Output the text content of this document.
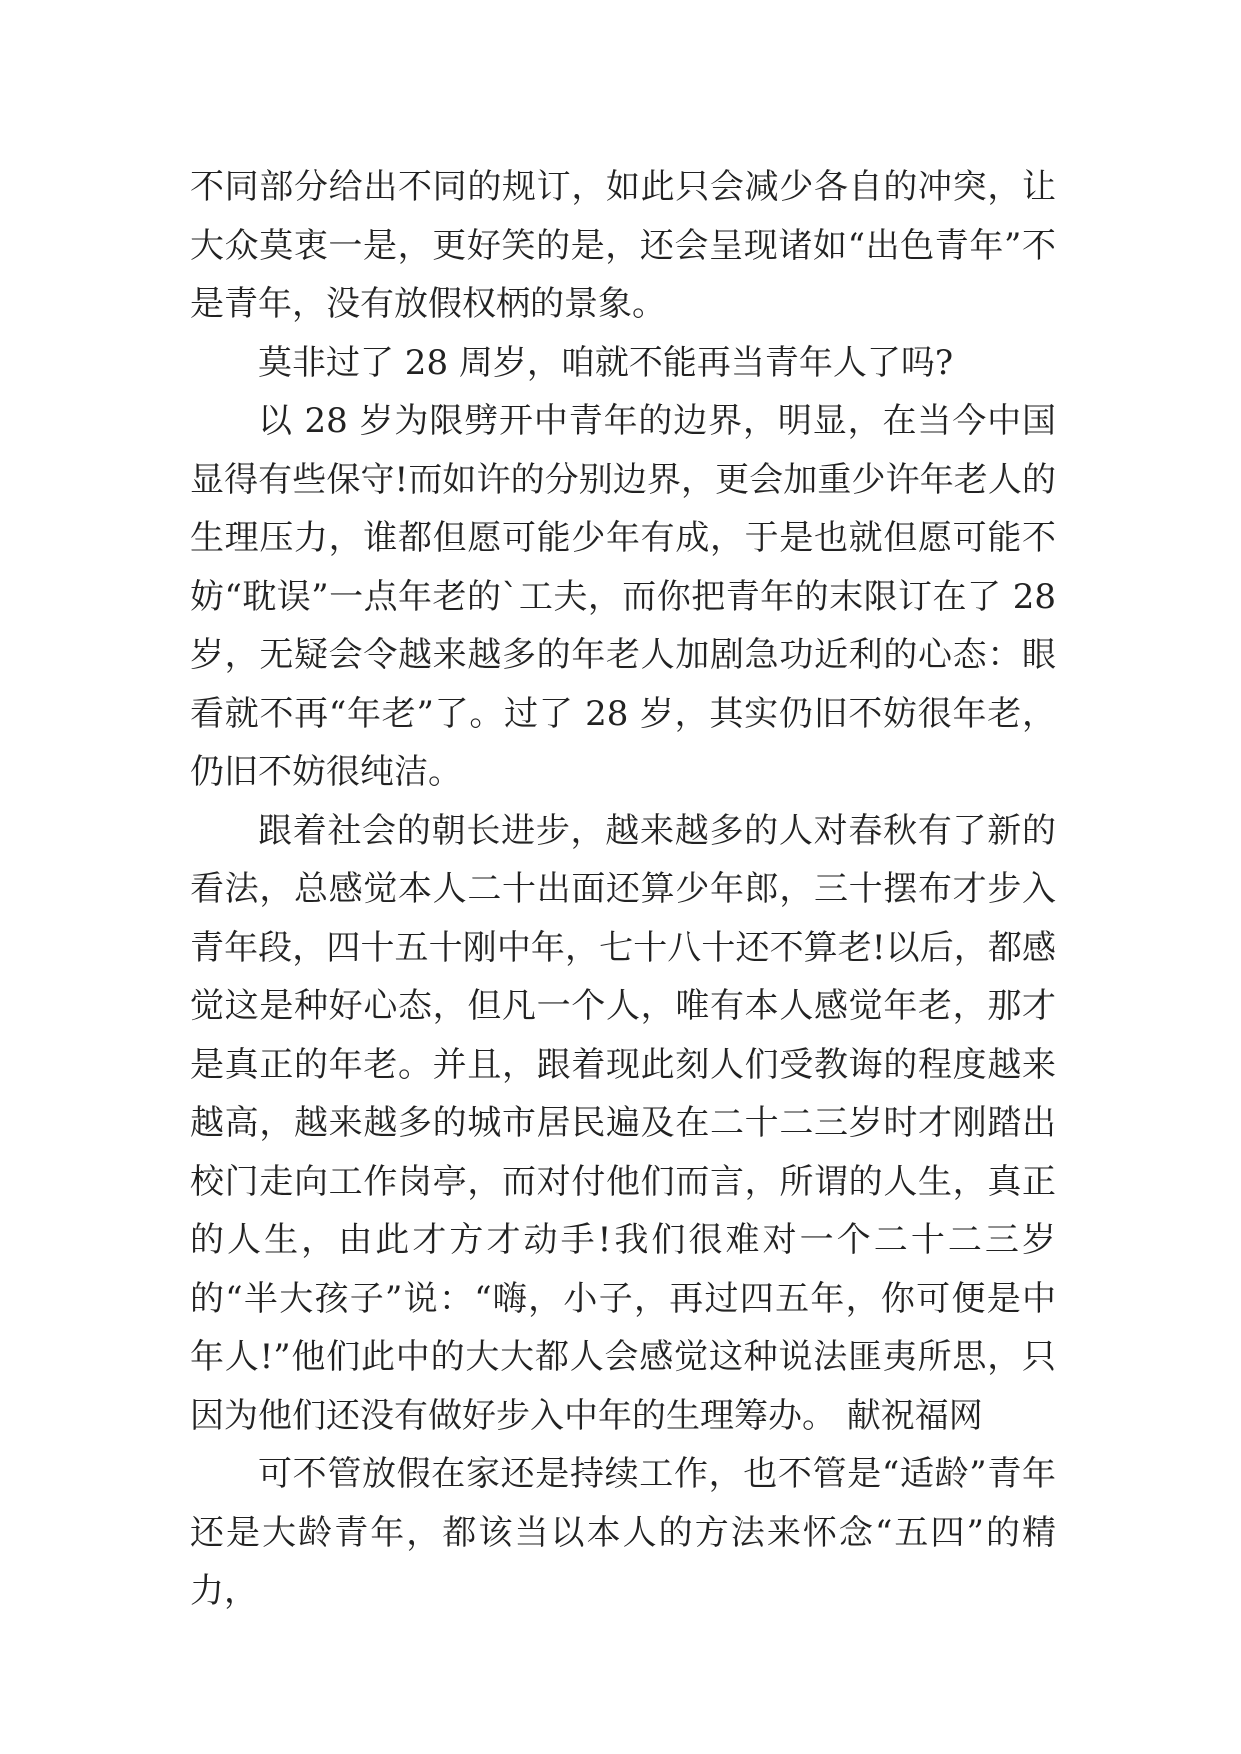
不同部分给出不同的规订，如此只会减少各自的冲突，让大众莫衷一是，更好笑的是，还会呈现诸如“出色青年”不是青年，没有放假权柄的景象。

莫非过了 28 周岁，咱就不能再当青年人了吗?

以 28 岁为限劈开中青年的边界，明显，在当今中国显得有些保守!而如许的分别边界，更会加重少许年老人的生理压力，谁都但愿可能少年有成，于是也就但愿可能不妨“耽误”一点年老的`工夫，而你把青年的末限订在了 28 岁，无疑会令越来越多的年老人加剧急功近利的心态：眼看就不再“年老”了。过了 28 岁，其实仍旧不妨很年老，仍旧不妨很纯洁。

跟着社会的朝长进步，越来越多的人对春秋有了新的看法，总感觉本人二十出面还算少年郎，三十摆布才步入青年段，四十五十刚中年，七十八十还不算老!以后，都感觉这是种好心态，但凡一个人，唯有本人感觉年老，那才是真正的年老。并且，跟着现此刻人们受教诲的程度越来越高，越来越多的城市居民遍及在二十二三岁时才刚踏出校门走向工作岗亭，而对付他们而言，所谓的人生，真正的人生，由此才方才动手!我们很难对一个二十二三岁的“半大孩子”说：“嗨，小子，再过四五年，你可便是中年人!”他们此中的大大都人会感觉这种说法匪夷所思，只因为他们还没有做好步入中年的生理筹办。 献祝福网

可不管放假在家还是持续工作，也不管是“适龄”青年还是大龄青年，都该当以本人的方法来怀念“五四”的精力，
